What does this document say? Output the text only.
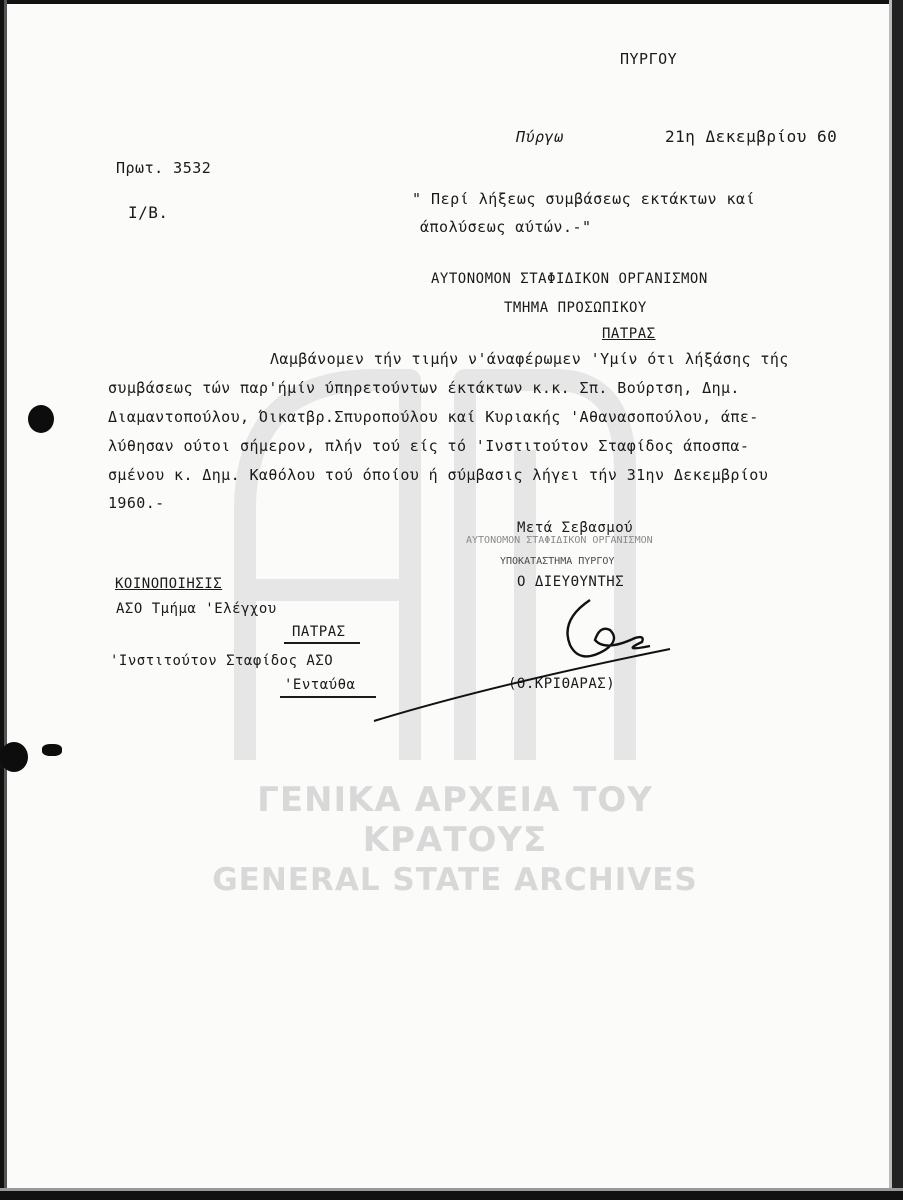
ΠΥΡΓΟΥ
Πύργω	21η Δεκεμβρίου 60
Πρωτ. 3532
Ι/Β.
" Περί λήξεως συμβάσεως εκτάκτων καί
άπολύσεως αύτών.-"
ΑΥΤΟΝΟΜΟΝ ΣΤΑΦΙΔΙΚΟΝ ΟΡΓΑΝΙΣΜΟΝ
ΤΜΗΜΑ ΠΡΟΣΩΠΙΚΟΥ
ΠΑΤΡΑΣ
Λαμβάνομεν τήν τιμήν ν'άναφέρωμεν 'Υμίν ότι λήξάσης τής
συμβάσεως τών παρ'ήμίν ύπηρετούντων έκτάκτων κ.κ. Σπ. Βούρτση, Δημ.
Διαμαντοπούλου, Όικατβρ.Σπυροπούλου καί Κυριακής 'Αθανασοπούλου, άπε-
λύθησαν ούτοι σήμερον, πλήν τού είς τό 'Ινστιτούτον Σταφίδος άποσπα-
σμένου κ. Δημ. Καθόλου τού όποίου ή σύμβασις λήγει τήν 31ην Δεκεμβρίου
1960.-
Μετά Σεβασμού
ΑΥΤΟΝΟΜΟΝ ΣΤΑΦΙΔΙΚΟΝ ΟΡΓΑΝΙΣΜΟΝ
ΥΠΟΚΑΤΑΣΤΗΜΑ ΠΥΡΓΟΥ
Ο ΔΙΕΥΘΥΝΤΗΣ
(Θ.ΚΡΙΘΑΡΑΣ)
ΚΟΙΝΟΠΟΙΗΣΙΣ
ΑΣΟ Τμήμα 'Ελέγχου
ΠΑΤΡΑΣ
'Ινστιτούτον Σταφίδος ΑΣΟ
'Ενταύθα
ΓΕΝΙΚΑ ΑΡΧΕΙΑ ΤΟΥ ΚΡΑΤΟΥΣ
GENERAL STATE ARCHIVES
